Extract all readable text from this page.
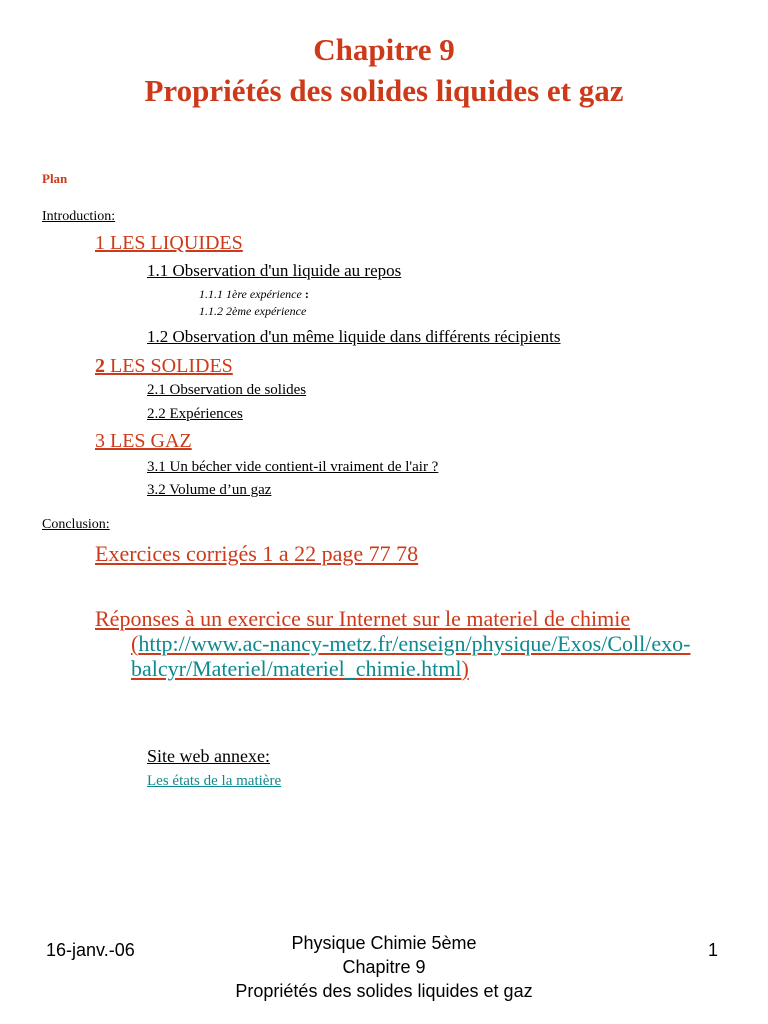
Chapitre 9
Propriétés des solides liquides et gaz
Plan
Introduction:
1 LES LIQUIDES
1.1 Observation d'un liquide au repos
1.1.1 1ère expérience :
1.1.2 2ème expérience
1.2 Observation d'un même liquide dans différents récipients
2 LES SOLIDES
2.1 Observation de solides
2.2 Expériences
3 LES GAZ
3.1 Un bécher vide contient-il vraiment de l'air ?
3.2 Volume d’un gaz
Conclusion:
Exercices corrigés 1 a 22 page 77 78
Réponses à un exercice sur Internet sur le materiel de chimie (http://www.ac-nancy-metz.fr/enseign/physique/Exos/Coll/exo-balcyr/Materiel/materiel_chimie.html)
Site web annexe:
Les états de la matière
16-janv.-06	Physique Chimie 5ème
Chapitre 9
Propriétés des solides liquides et gaz
1
